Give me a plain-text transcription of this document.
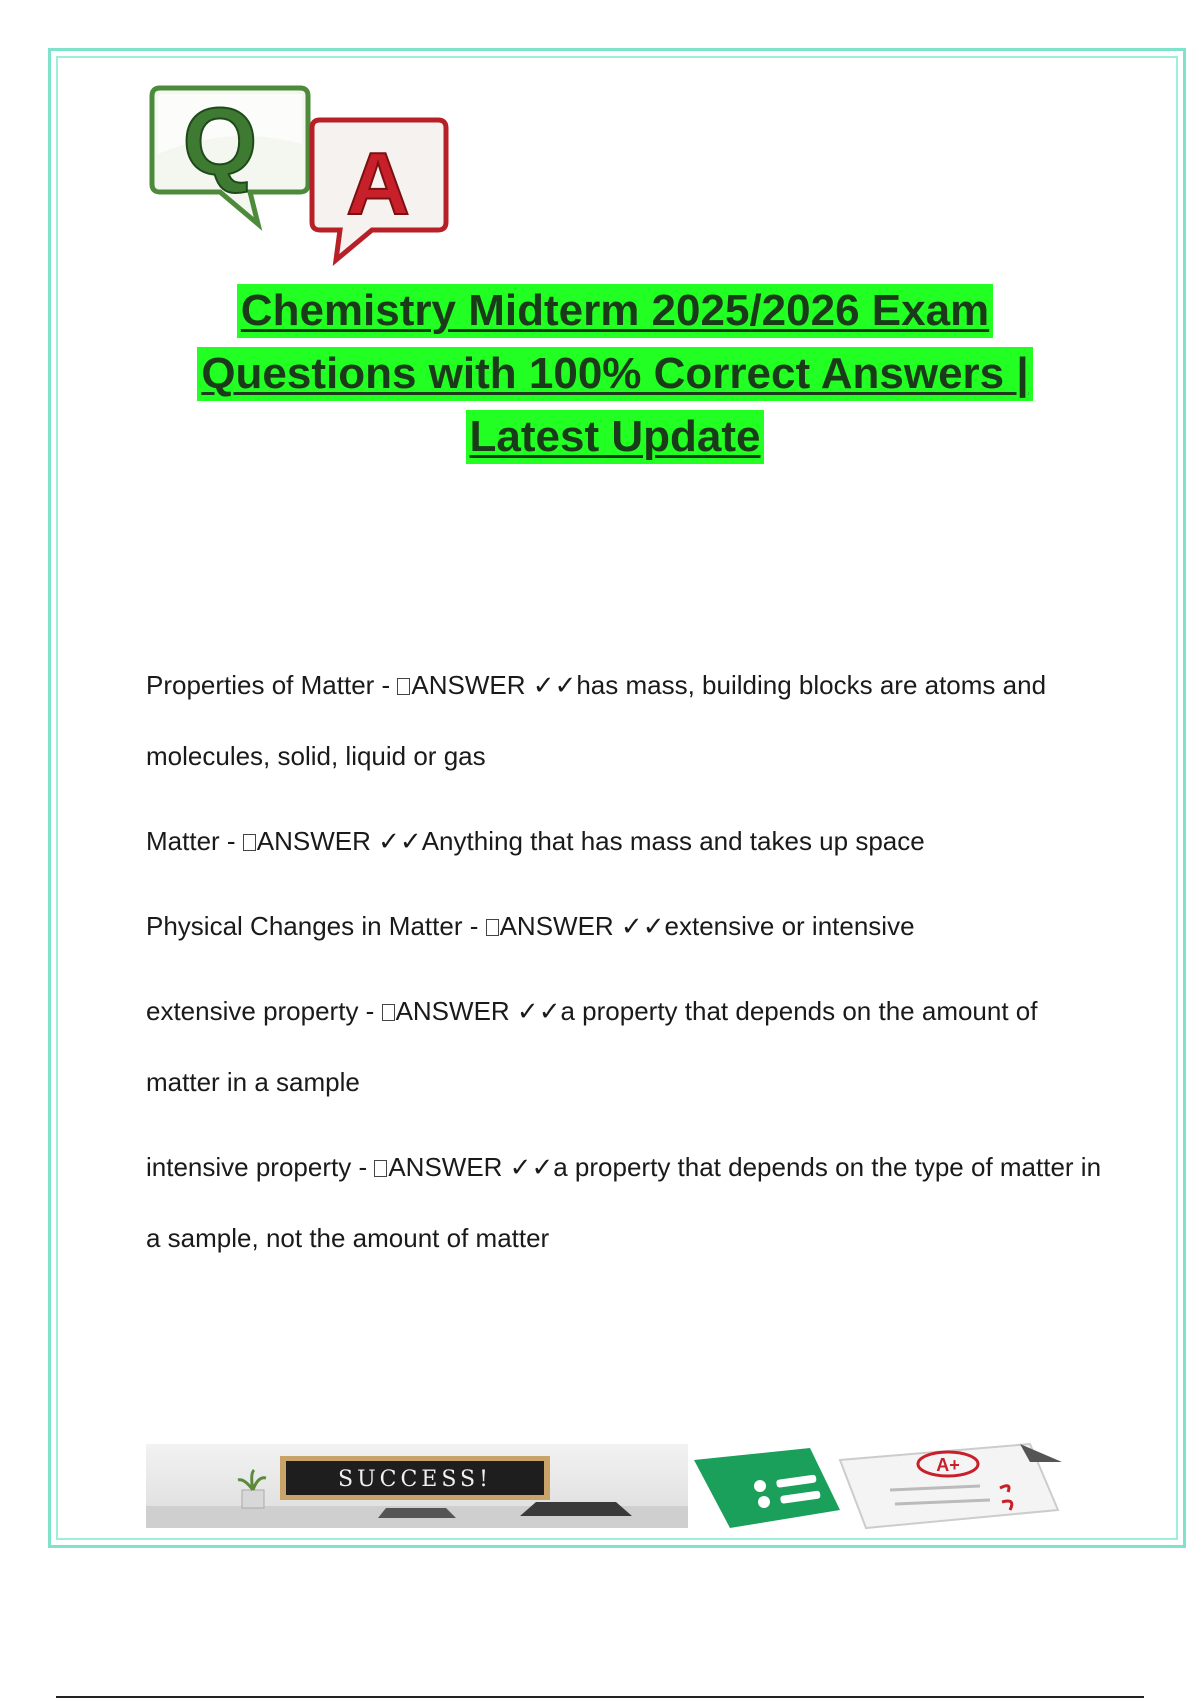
Q A
Chemistry Midterm 2025/2026 Exam
Questions with 100% Correct Answers |
Latest Update

Properties of Matter - ANSWER ✓✓has mass, building blocks are atoms and molecules, solid, liquid or gas

Matter - ANSWER ✓✓Anything that has mass and takes up space

Physical Changes in Matter - ANSWER ✓✓extensive or intensive

extensive property - ANSWER ✓✓a property that depends on the amount of matter in a sample

intensive property - ANSWER ✓✓a property that depends on the type of matter in a sample, not the amount of matter

SUCCESS!
A+
